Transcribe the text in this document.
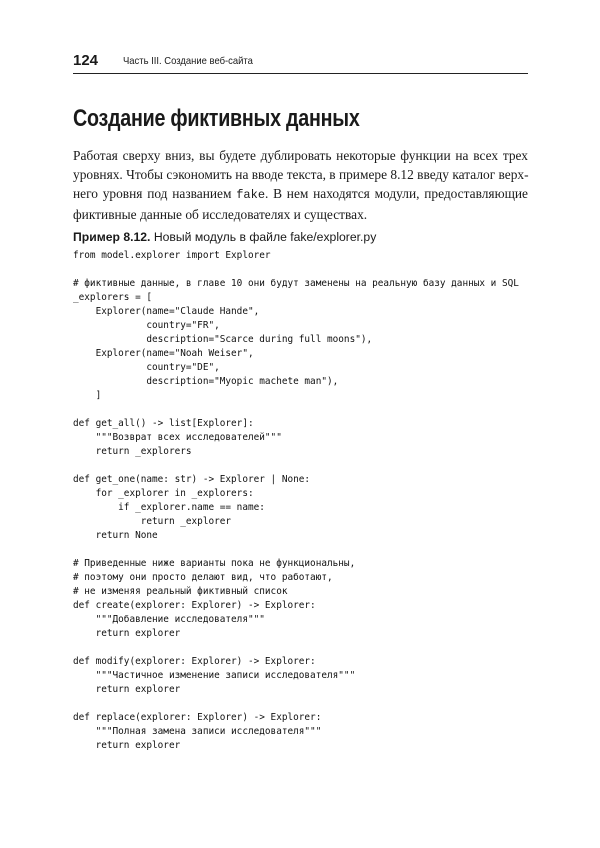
124 Часть III. Создание веб-сайта
Создание фиктивных данных
Работая сверху вниз, вы будете дублировать некоторые функции на всех трех
уровнях. Чтобы сэкономить на вводе текста, в примере 8.12 введу каталог верх-
него уровня под названием fake. В нем находятся модули, предоставляющие
фиктивные данные об исследователях и существах.
Пример 8.12. Новый модуль в файле fake/explorer.py
from model.explorer import Explorer

# фиктивные данные, в главе 10 они будут заменены на реальную базу данных и SQL
_explorers = [
Explorer(name="Claude Hande",
country="FR",
description="Scarce during full moons"),
Explorer(name="Noah Weiser",
country="DE",
description="Myopic machete man"),
]

def get_all() -> list[Explorer]:
"""Возврат всех исследователей"""
return _explorers

def get_one(name: str) -> Explorer | None:
for _explorer in _explorers:
if _explorer.name == name:
return _explorer
return None

# Приведенные ниже варианты пока не функциональны,
# поэтому они просто делают вид, что работают,
# не изменяя реальный фиктивный список
def create(explorer: Explorer) -> Explorer:
"""Добавление исследователя"""
return explorer

def modify(explorer: Explorer) -> Explorer:
"""Частичное изменение записи исследователя"""
return explorer

def replace(explorer: Explorer) -> Explorer:
"""Полная замена записи исследователя"""
return explorer
